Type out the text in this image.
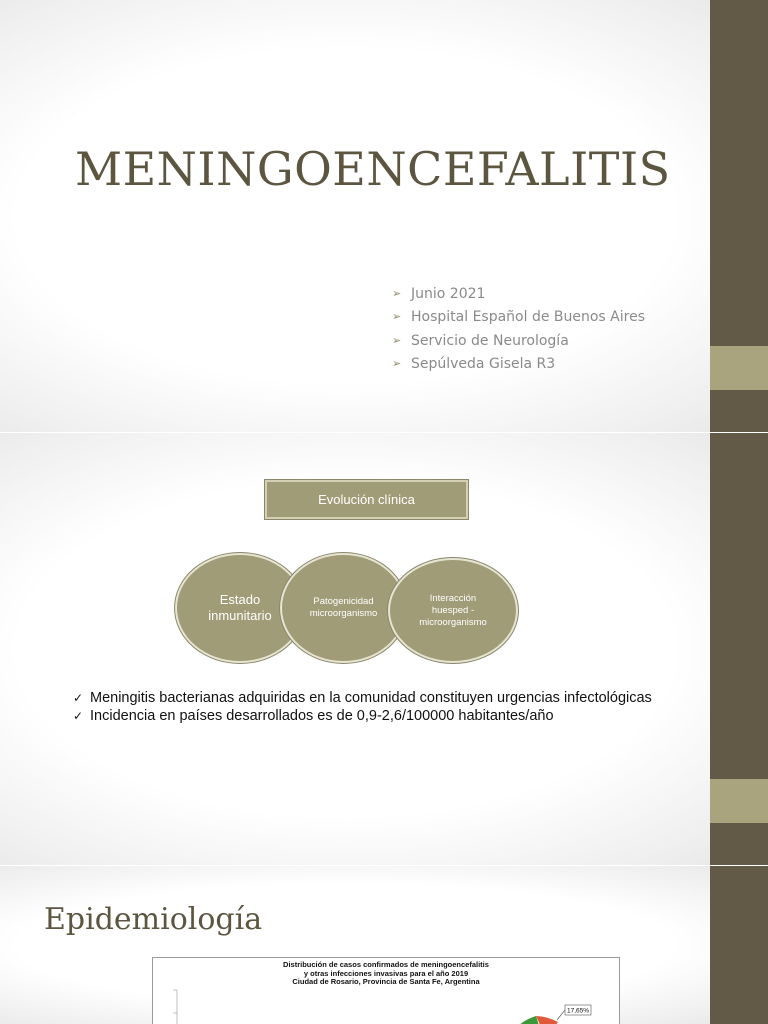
MENINGOENCEFALITIS
➢ Junio 2021
➢ Hospital Español de Buenos Aires
➢ Servicio de Neurología
➢ Sepúlveda Gisela R3
Evolución clínica
Estado inmunitario
Patogenicidad microorganismo
Interacción huesped - microorganismo
✓ Meningitis bacterianas adquiridas en la comunidad constituyen urgencias infectológicas
✓ Incidencia en países desarrollados es de 0,9-2,6/100000 habitantes/año
Epidemiología
Distribución de casos confirmados de meningoencefalitis
y otras infecciones invasivas para el año 2019
Ciudad de Rosario, Provincia de Santa Fe, Argentina
17,65%
